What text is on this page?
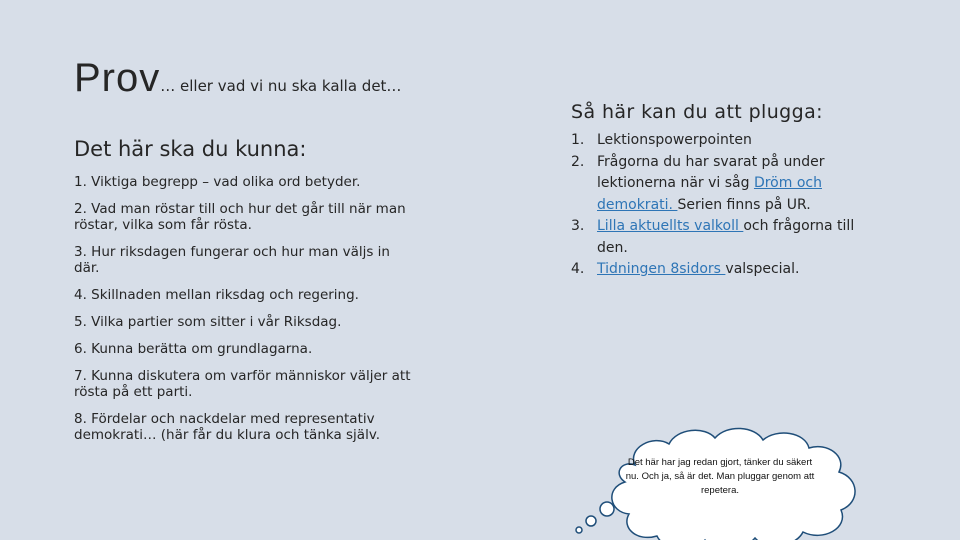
Prov… eller vad vi nu ska kalla det…
Det här ska du kunna:
1. Viktiga begrepp – vad olika ord betyder.
2. Vad man röstar till och hur det går till när man röstar, vilka som får rösta.
3. Hur riksdagen fungerar och hur man väljs in där.
4. Skillnaden mellan riksdag och regering.
5. Vilka partier som sitter i vår Riksdag.
6. Kunna berätta om grundlagarna.
7. Kunna diskutera om varför människor väljer att rösta på ett parti.
8. Fördelar och nackdelar med representativ demokrati… (här får du klura och tänka själv.
Så här kan du att plugga:
1. Lektionspowerpointen
2. Frågorna du har svarat på under lektionerna när vi såg Dröm och demokrati. Serien finns på UR.
3. Lilla aktuellts valkoll och frågorna till den.
4. Tidningen 8sidors valspecial.
Det här har jag redan gjort, tänker du säkert nu. Och ja, så är det. Man pluggar genom att repetera.
